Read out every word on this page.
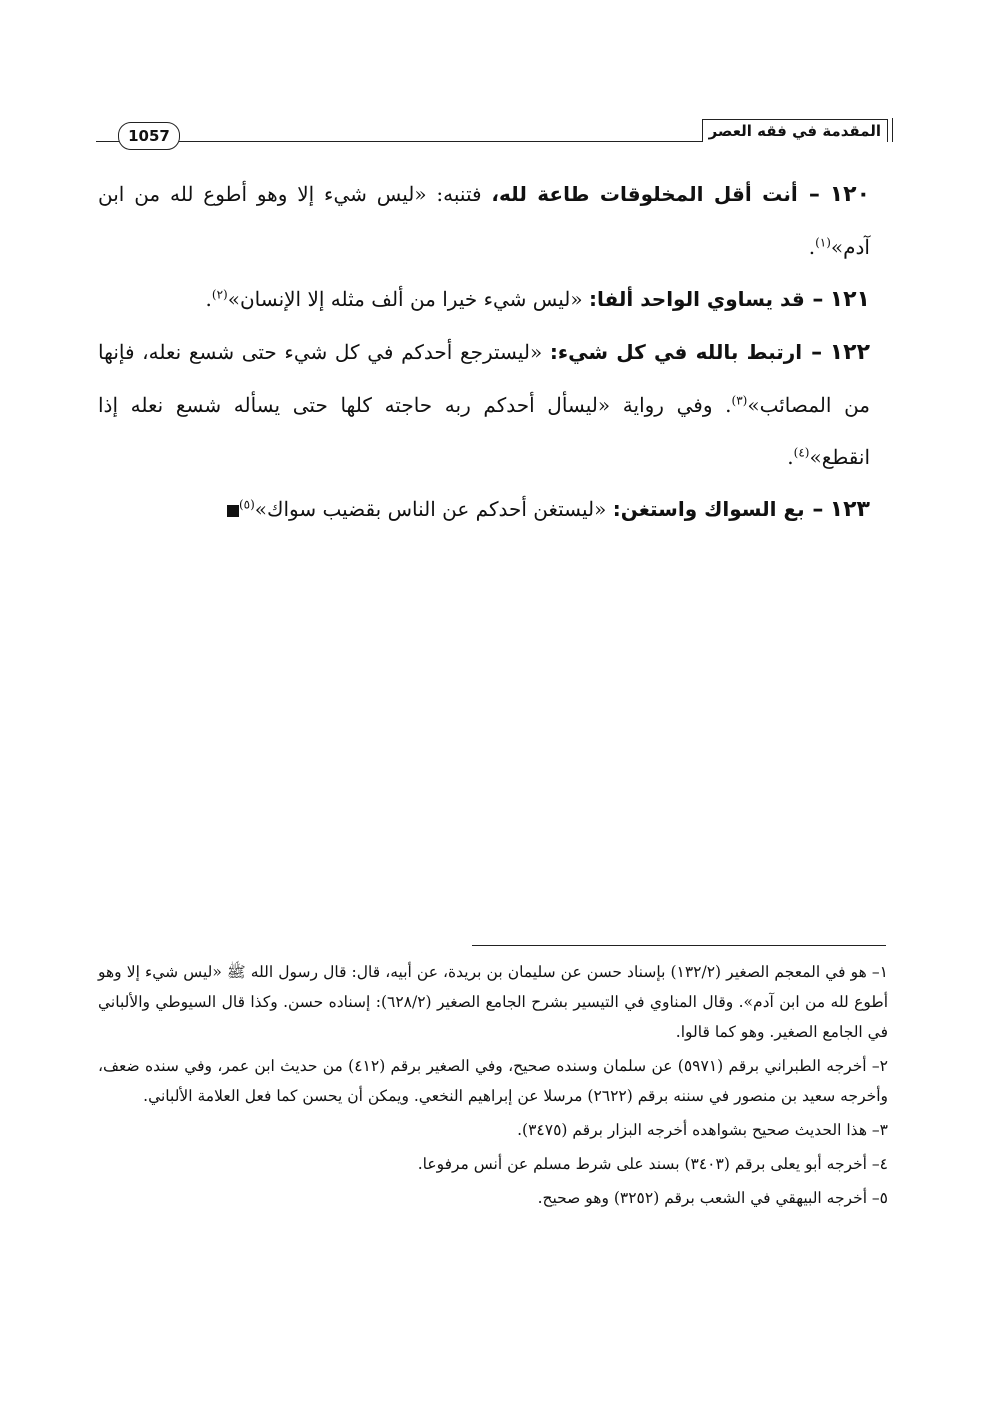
المقدمة في فقه العصر
1057

١٢٠ – أنت أقل المخلوقات طاعة لله، فتنبه: «ليس شيء إلا وهو أطوع لله من ابن آدم»$^{(١)}$.

١٢١ – قد يساوي الواحد ألفا: «ليس شيء خيرا من ألف مثله إلا الإنسان»$^{(٢)}$.

١٢٢ – ارتبط بالله في كل شيء: «ليسترجع أحدكم في كل شيء حتى شسع نعله، فإنها من المصائب»$^{(٣)}$. وفي رواية «ليسأل أحدكم ربه حاجته كلها حتى يسأله شسع نعله إذا انقطع»$^{(٤)}$.

١٢٣ – بع السواك واستغن: «ليستغن أحدكم عن الناس بقضيب سواك»$^{(٥)}$

١– هو في المعجم الصغير (١٣٢/٢) بإسناد حسن عن سليمان بن بريدة، عن أبيه، قال: قال رسول الله ﷺ «ليس شيء إلا وهو أطوع لله من ابن آدم». وقال المناوي في التيسير بشرح الجامع الصغير (٦٢٨/٢): إسناده حسن. وكذا قال السيوطي والألباني في الجامع الصغير. وهو كما قالوا.

٢– أخرجه الطبراني برقم (٥٩٧١) عن سلمان وسنده صحيح، وفي الصغير برقم (٤١٢) من حديث ابن عمر، وفي سنده ضعف، وأخرجه سعيد بن منصور في سننه برقم (٢٦٢٢) مرسلا عن إبراهيم النخعي. ويمكن أن يحسن كما فعل العلامة الألباني.

٣– هذا الحديث صحيح بشواهده أخرجه البزار برقم (٣٤٧٥).

٤– أخرجه أبو يعلى برقم (٣٤٠٣) بسند على شرط مسلم عن أنس مرفوعا.

٥– أخرجه البيهقي في الشعب برقم (٣٢٥٢) وهو صحيح.
